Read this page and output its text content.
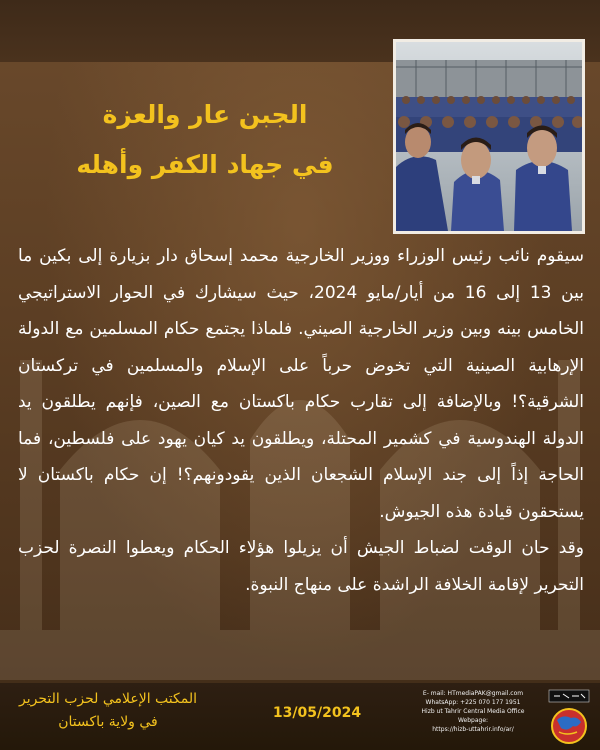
الجبن عار والعزة
في جهاد الكفر وأهله

سيقوم نائب رئيس الوزراء ووزير الخارجية محمد إسحاق دار بزيارة إلى بكين ما بين 13 إلى 16 من أيار/مايو 2024، حيث سيشارك في الحوار الاستراتيجي الخامس بينه وبين وزير الخارجية الصيني. فلماذا يجتمع حكام المسلمين مع الدولة الإرهابية الصينية التي تخوض حرباً على الإسلام والمسلمين في تركستان الشرقية؟! وبالإضافة إلى تقارب حكام باكستان مع الصين، فإنهم يطلقون يد الدولة الهندوسية في كشمير المحتلة، ويطلقون يد كيان يهود على فلسطين، فما الحاجة إذاً إلى جند الإسلام الشجعان الذين يقودونهم؟! إن حكام باكستان لا يستحقون قيادة هذه الجيوش.

وقد حان الوقت لضباط الجيش أن يزيلوا هؤلاء الحكام ويعطوا النصرة لحزب التحرير لإقامة الخلافة الراشدة على منهاج النبوة.

المكتب الإعلامي لحزب التحرير
في ولاية باكستان
13/05/2024
E- mail: HTmediaPAK@gmail.com
WhatsApp: +225 070 177 1951
Hizb ut Tahrir Central Media Office Webpage:
https://hizb-uttahrir.info/ar/
